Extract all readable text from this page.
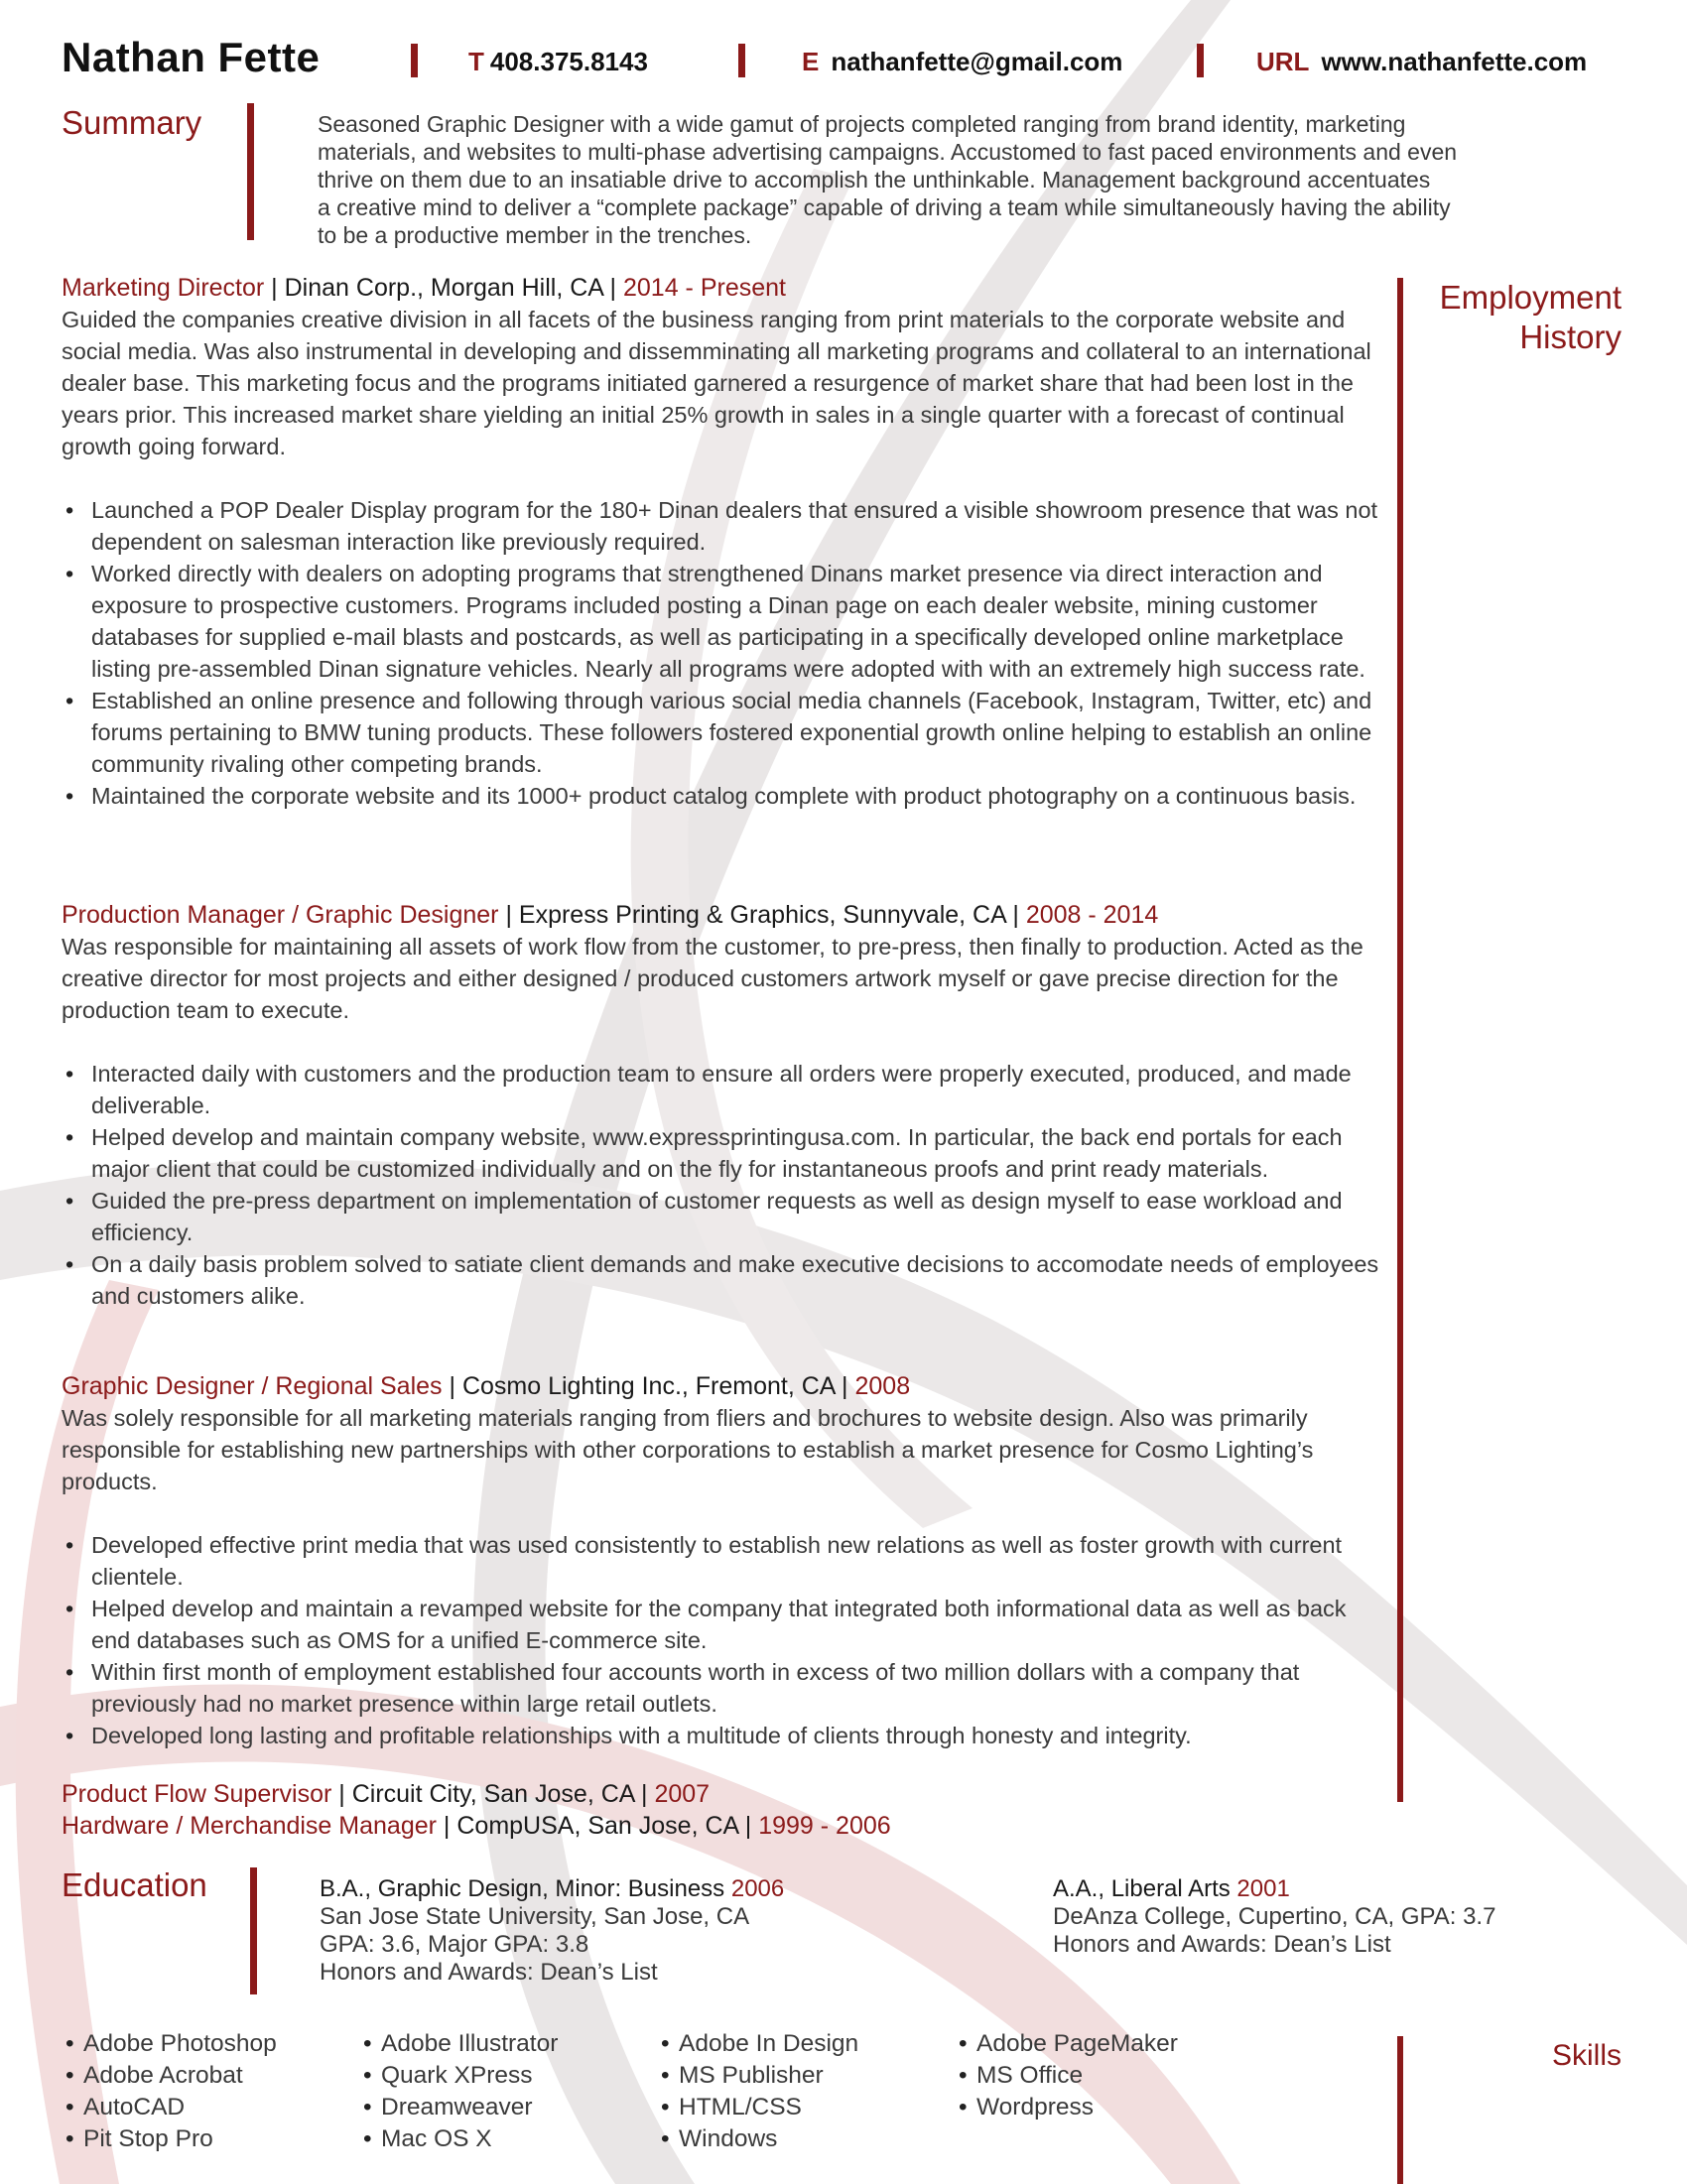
Nathan Fette	T 408.375.8143	E nathanfette@gmail.com	URL www.nathanfette.com
Summary	Seasoned Graphic Designer with a wide gamut of projects completed ranging from brand identity, marketing
materials, and websites to multi-phase advertising campaigns. Accustomed to fast paced environments and even
thrive on them due to an insatiable drive to accomplish the unthinkable. Management background accentuates
a creative mind to deliver a “complete package” capable of driving a team while simultaneously having the ability
to be a productive member in the trenches.
Employment
History
Marketing Director | Dinan Corp., Morgan Hill, CA | 2014 - Present

Guided the companies creative division in all facets of the business ranging from print materials to the corporate website and social media. Was also instrumental in developing and dissemminating all marketing programs and collateral to an international dealer base. This marketing focus and the programs initiated garnered a resurgence of market share that had been lost in the years prior. This increased market share yielding an initial 25% growth in sales in a single quarter with a forecast of continual growth going forward.

• Launched a POP Dealer Display program for the 180+ Dinan dealers that ensured a visible showroom presence that was not dependent on salesman interaction like previously required.
• Worked directly with dealers on adopting programs that strengthened Dinans market presence via direct interaction and exposure to prospective customers. Programs included posting a Dinan page on each dealer website, mining customer databases for supplied e-mail blasts and postcards, as well as participating in a specifically developed online marketplace listing pre-assembled Dinan signature vehicles. Nearly all programs were adopted with with an extremely high success rate.
• Established an online presence and following through various social media channels (Facebook, Instagram, Twitter, etc) and forums pertaining to BMW tuning products. These followers fostered exponential growth online helping to establish an online community rivaling other competing brands.
• Maintained the corporate website and its 1000+ product catalog complete with product photography on a continuous basis.
Production Manager / Graphic Designer | Express Printing & Graphics, Sunnyvale, CA | 2008 - 2014

Was responsible for maintaining all assets of work flow from the customer, to pre-press, then finally to production. Acted as the creative director for most projects and either designed / produced customers artwork myself or gave precise direction for the production team to execute.

• Interacted daily with customers and the production team to ensure all orders were properly executed, produced, and made deliverable.
• Helped develop and maintain company website, www.expressprintingusa.com. In particular, the back end portals for each major client that could be customized individually and on the fly for instantaneous proofs and print ready materials.
• Guided the pre-press department on implementation of customer requests as well as design myself to ease workload and efficiency.
• On a daily basis problem solved to satiate client demands and make executive decisions to accomodate needs of employees and customers alike.
Graphic Designer / Regional Sales | Cosmo Lighting Inc., Fremont, CA | 2008

Was solely responsible for all marketing materials ranging from fliers and brochures to website design. Also was primarily responsible for establishing new partnerships with other corporations to establish a market presence for Cosmo Lighting’s products.

• Developed effective print media that was used consistently to establish new relations as well as foster growth with current clientele.
• Helped develop and maintain a revamped website for the company that integrated both informational data as well as back end databases such as OMS for a unified E-commerce site.
• Within first month of employment established four accounts worth in excess of two million dollars with a company that previously had no market presence within large retail outlets.
• Developed long lasting and profitable relationships with a multitude of clients through honesty and integrity.
Product Flow Supervisor | Circuit City, San Jose, CA | 2007
Hardware / Merchandise Manager | CompUSA, San Jose, CA | 1999 - 2006
Education	B.A., Graphic Design, Minor: Business 2006
San Jose State University, San Jose, CA
GPA: 3.6, Major GPA: 3.8
Honors and Awards: Dean’s List
A.A., Liberal Arts 2001
DeAnza College, Cupertino, CA, GPA: 3.7
Honors and Awards: Dean’s List
• Adobe Photoshop
• Adobe Acrobat
• AutoCAD
• Pit Stop Pro
• Adobe Illustrator
• Quark XPress
• Dreamweaver
• Mac OS X
• Adobe In Design
• MS Publisher
• HTML/CSS
• Windows
• Adobe PageMaker
• MS Office
• Wordpress
Skills
